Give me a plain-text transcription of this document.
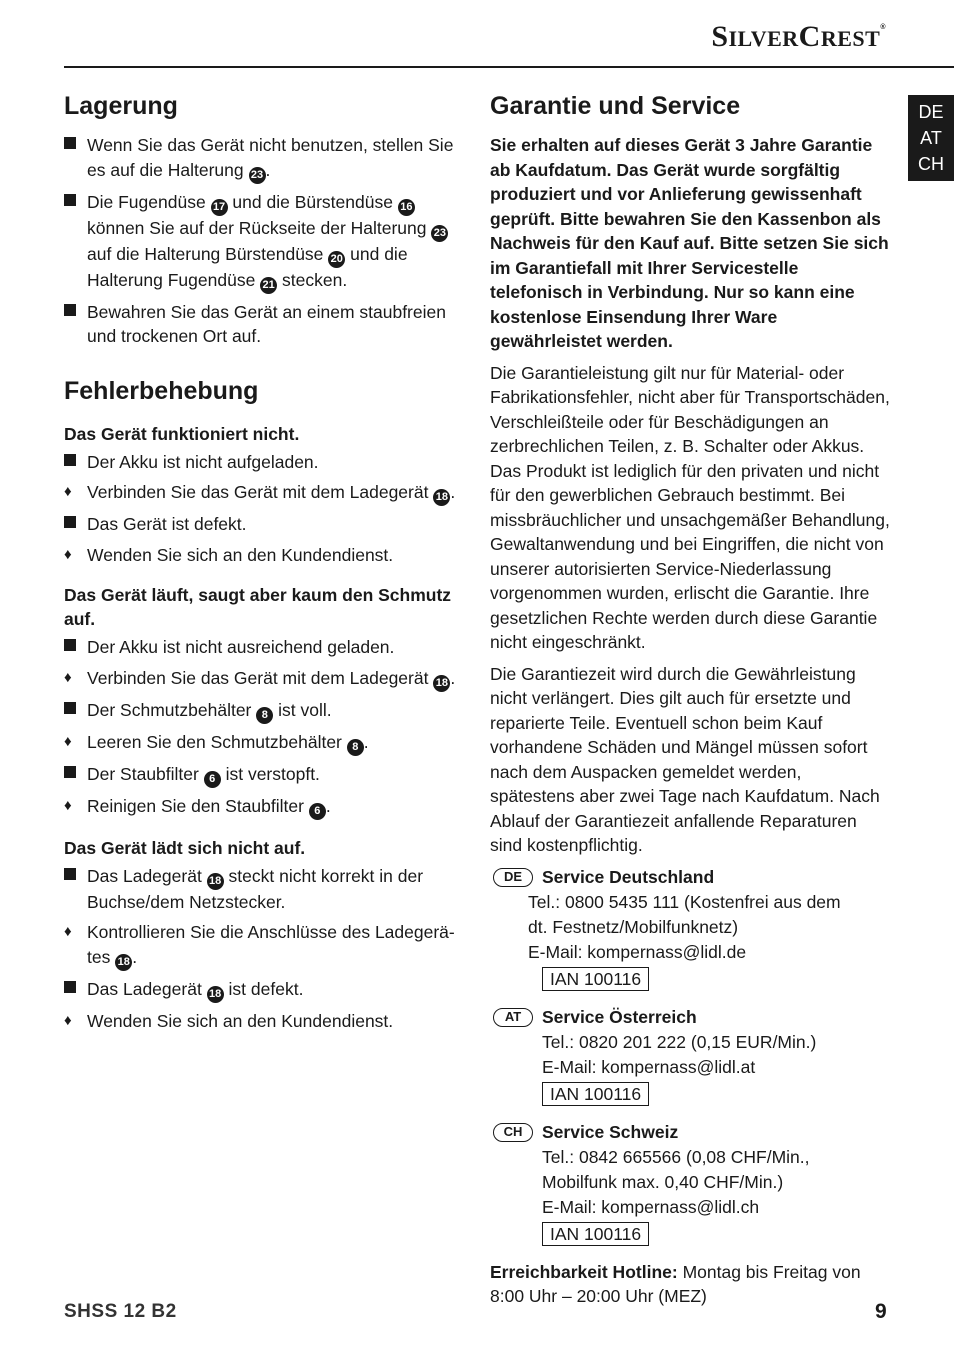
SILVERCREST®
DE
AT
CH
Lagerung
Wenn Sie das Gerät nicht benutzen, stellen Sie es auf die Halterung 23 .
Die Fugendüse 17 und die Bürstendüse 16 können Sie auf der Rückseite der Halterung 23 auf die Halterung Bürstendüse 20 und die Halterung Fugendüse 21 stecken.
Bewahren Sie das Gerät an einem staubfreien und trockenen Ort auf.
Fehlerbehebung
Das Gerät funktioniert nicht.
Der Akku ist nicht aufgeladen.
♦ Verbinden Sie das Gerät mit dem Ladegerät 18 .
Das Gerät ist defekt.
♦ Wenden Sie sich an den Kundendienst.
Das Gerät läuft, saugt aber kaum den Schmutz auf.
Der Akku ist nicht ausreichend geladen.
♦ Verbinden Sie das Gerät mit dem Ladegerät 18 .
Der Schmutzbehälter 8 ist voll.
♦ Leeren Sie den Schmutzbehälter 8 .
Der Staubfilter 6 ist verstopft.
♦ Reinigen Sie den Staubfilter 6 .
Das Gerät lädt sich nicht auf.
Das Ladegerät 18 steckt nicht korrekt in der Buchse/dem Netzstecker.
♦ Kontrollieren Sie die Anschlüsse des Ladegerä-tes 18 .
Das Ladegerät 18 ist defekt.
♦ Wenden Sie sich an den Kundendienst.
Garantie und Service

Sie erhalten auf dieses Gerät 3 Jahre Garantie ab Kaufdatum. Das Gerät wurde sorgfältig produziert und vor Anlieferung gewissenhaft geprüft. Bitte bewahren Sie den Kassenbon als Nachweis für den Kauf auf. Bitte setzen Sie sich im Garantiefall mit Ihrer Servicestelle telefonisch in Verbindung. Nur so kann eine kostenlose Einsendung Ihrer Ware gewährleistet werden.

Die Garantieleistung gilt nur für Material- oder Fabrikationsfehler, nicht aber für Transportschäden, Verschleißteile oder für Beschädigungen an zerbrechlichen Teilen, z. B. Schalter oder Akkus. Das Produkt ist lediglich für den privaten und nicht für den gewerblichen Gebrauch bestimmt. Bei missbräuchlicher und unsachgemäßer Behandlung, Gewaltanwendung und bei Eingriffen, die nicht von unserer autorisierten Service-Niederlassung vorgenommen wurden, erlischt die Garantie. Ihre gesetzlichen Rechte werden durch diese Garantie nicht eingeschränkt.

Die Garantiezeit wird durch die Gewährleistung nicht verlängert. Dies gilt auch für ersetzte und reparierte Teile. Eventuell schon beim Kauf vorhandene Schäden und Mängel müssen sofort nach dem Auspacken gemeldet werden, spätestens aber zwei Tage nach Kaufdatum. Nach Ablauf der Garantiezeit anfallende Reparaturen sind kostenpflichtig.

DE	Service Deutschland
Tel.: 0800 5435 111 (Kostenfrei aus dem
dt. Festnetz/Mobilfunknetz)
E-Mail: kompernass@lidl.de
IAN 100116
AT	Service Österreich
Tel.: 0820 201 222 (0,15 EUR/Min.)
E-Mail: kompernass@lidl.at
IAN 100116
CH	Service Schweiz
Tel.: 0842 665566 (0,08 CHF/Min.,
Mobilfunk max. 0,40 CHF/Min.)
E-Mail: kompernass@lidl.ch
IAN 100116

Erreichbarkeit Hotline: Montag bis Freitag von 8:00 Uhr – 20:00 Uhr (MEZ)

SHSS 12 B2	9
